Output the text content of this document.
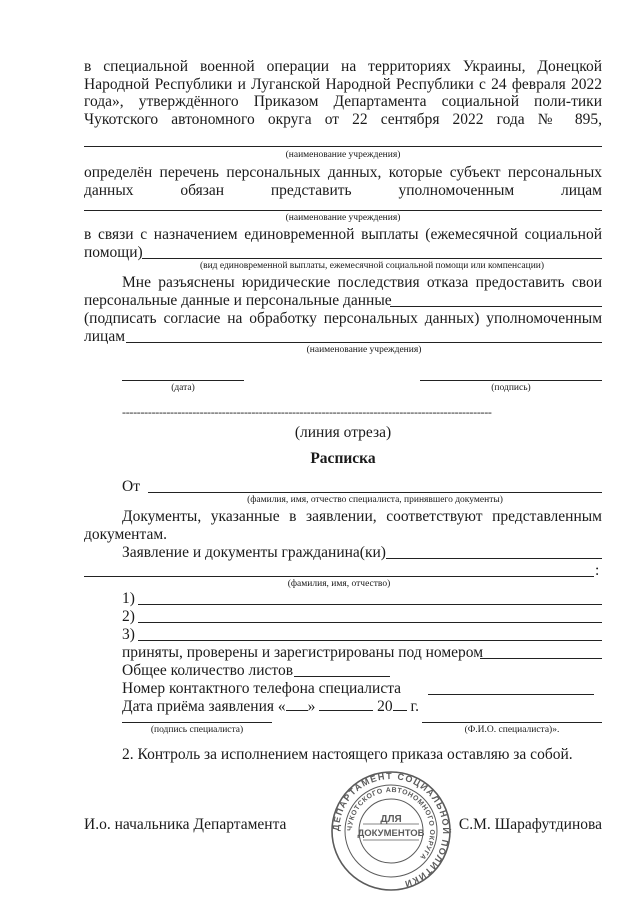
в специальной военной операции на территориях Украины, Донецкой Народной Республики и Луганской Народной Республики с 24 февраля 2022 года», утверждённого Приказом Департамента социальной поли-тики Чукотского автономного округа от 22 сентября 2022 года № 895,
(наименование учреждения)
определён перечень персональных данных, которые субъект персональных данных обязан представить уполномоченным лицам
(наименование учреждения)
в связи с назначением единовременной выплаты (ежемесячной социальной
помощи)
(вид единовременной выплаты, ежемесячной социальной помощи или компенсации)
Мне разъяснены юридические последствия отказа предоставить свои
персональные данные и персональные данные
(подписать согласие на обработку персональных данных) уполномоченным
лицам
(наименование учреждения)
(дата)	(подпись)
----------------------------------------------------------------------------------------------------
(линия отреза)
Расписка
От
(фамилия, имя, отчество специалиста, принявшего документы)
Документы, указанные в заявлении, соответствуют представленным документам.
Заявление и документы гражданина(ки)
:
(фамилия, имя, отчество)
1)
2)
3)
приняты, проверены и зарегистрированы под номером
Общее количество листов
Номер контактного телефона специалиста
Дата приёма заявления « »	20 г.
(подпись специалиста)	(Ф.И.О. специалиста)».
2. Контроль за исполнением настоящего приказа оставляю за собой.
И.о. начальника Департамента	С.М. Шарафутдинова
ДЕПАРТАМЕНТ СОЦИАЛЬНОЙ ПОЛИТИКИ
ЧУКОТСКОГО АВТОНОМНОГО ОКРУГА
ДЛЯ
ДОКУМЕНТОВ
